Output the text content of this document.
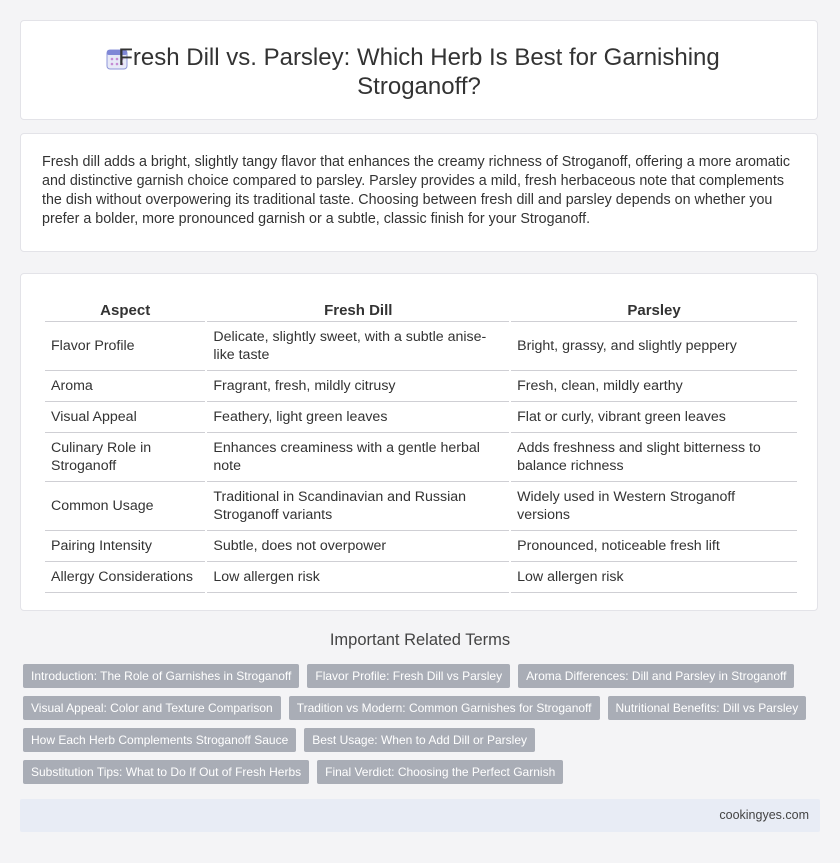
Fresh Dill vs. Parsley: Which Herb Is Best for Garnishing Stroganoff?
Fresh dill adds a bright, slightly tangy flavor that enhances the creamy richness of Stroganoff, offering a more aromatic and distinctive garnish choice compared to parsley. Parsley provides a mild, fresh herbaceous note that complements the dish without overpowering its traditional taste. Choosing between fresh dill and parsley depends on whether you prefer a bolder, more pronounced garnish or a subtle, classic finish for your Stroganoff.
Aspect	Fresh Dill	Parsley
Flavor Profile	Delicate, slightly sweet, with a subtle anise-like taste	Bright, grassy, and slightly peppery
Aroma	Fragrant, fresh, mildly citrusy	Fresh, clean, mildly earthy
Visual Appeal	Feathery, light green leaves	Flat or curly, vibrant green leaves
Culinary Role in Stroganoff	Enhances creaminess with a gentle herbal note	Adds freshness and slight bitterness to balance richness
Common Usage	Traditional in Scandinavian and Russian Stroganoff variants	Widely used in Western Stroganoff versions
Pairing Intensity	Subtle, does not overpower	Pronounced, noticeable fresh lift
Allergy Considerations	Low allergen risk	Low allergen risk
Important Related Terms
Introduction: The Role of Garnishes in Stroganoff	Flavor Profile: Fresh Dill vs Parsley	Aroma Differences: Dill and Parsley in Stroganoff
Visual Appeal: Color and Texture Comparison	Tradition vs Modern: Common Garnishes for Stroganoff	Nutritional Benefits: Dill vs Parsley
How Each Herb Complements Stroganoff Sauce	Best Usage: When to Add Dill or Parsley
Substitution Tips: What to Do If Out of Fresh Herbs	Final Verdict: Choosing the Perfect Garnish
cookingyes.com
